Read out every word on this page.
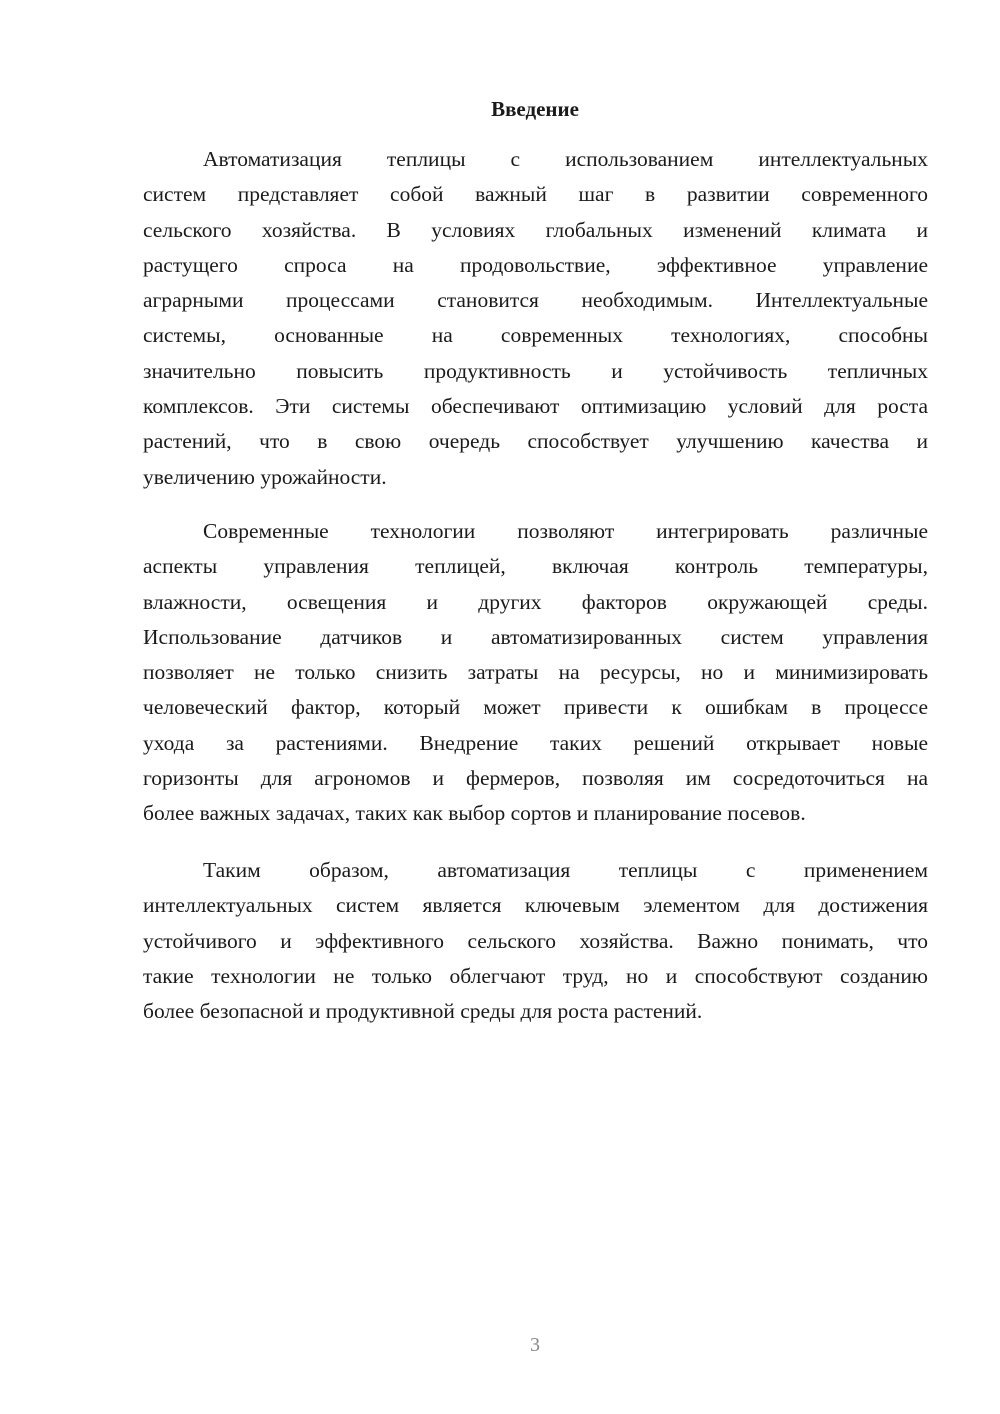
Введение
Автоматизация теплицы с использованием интеллектуальных
систем представляет собой важный шаг в развитии современного
сельского хозяйства. В условиях глобальных изменений климата и
растущего спроса на продовольствие, эффективное управление
аграрными процессами становится необходимым. Интеллектуальные
системы, основанные на современных технологиях, способны
значительно повысить продуктивность и устойчивость тепличных
комплексов. Эти системы обеспечивают оптимизацию условий для роста
растений, что в свою очередь способствует улучшению качества и
увеличению урожайности.
Современные технологии позволяют интегрировать различные
аспекты управления теплицей, включая контроль температуры,
влажности, освещения и других факторов окружающей среды.
Использование датчиков и автоматизированных систем управления
позволяет не только снизить затраты на ресурсы, но и минимизировать
человеческий фактор, который может привести к ошибкам в процессе
ухода за растениями. Внедрение таких решений открывает новые
горизонты для агрономов и фермеров, позволяя им сосредоточиться на
более важных задачах, таких как выбор сортов и планирование посевов.
Таким образом, автоматизация теплицы с применением
интеллектуальных систем является ключевым элементом для достижения
устойчивого и эффективного сельского хозяйства. Важно понимать, что
такие технологии не только облегчают труд, но и способствуют созданию
более безопасной и продуктивной среды для роста растений.
3
